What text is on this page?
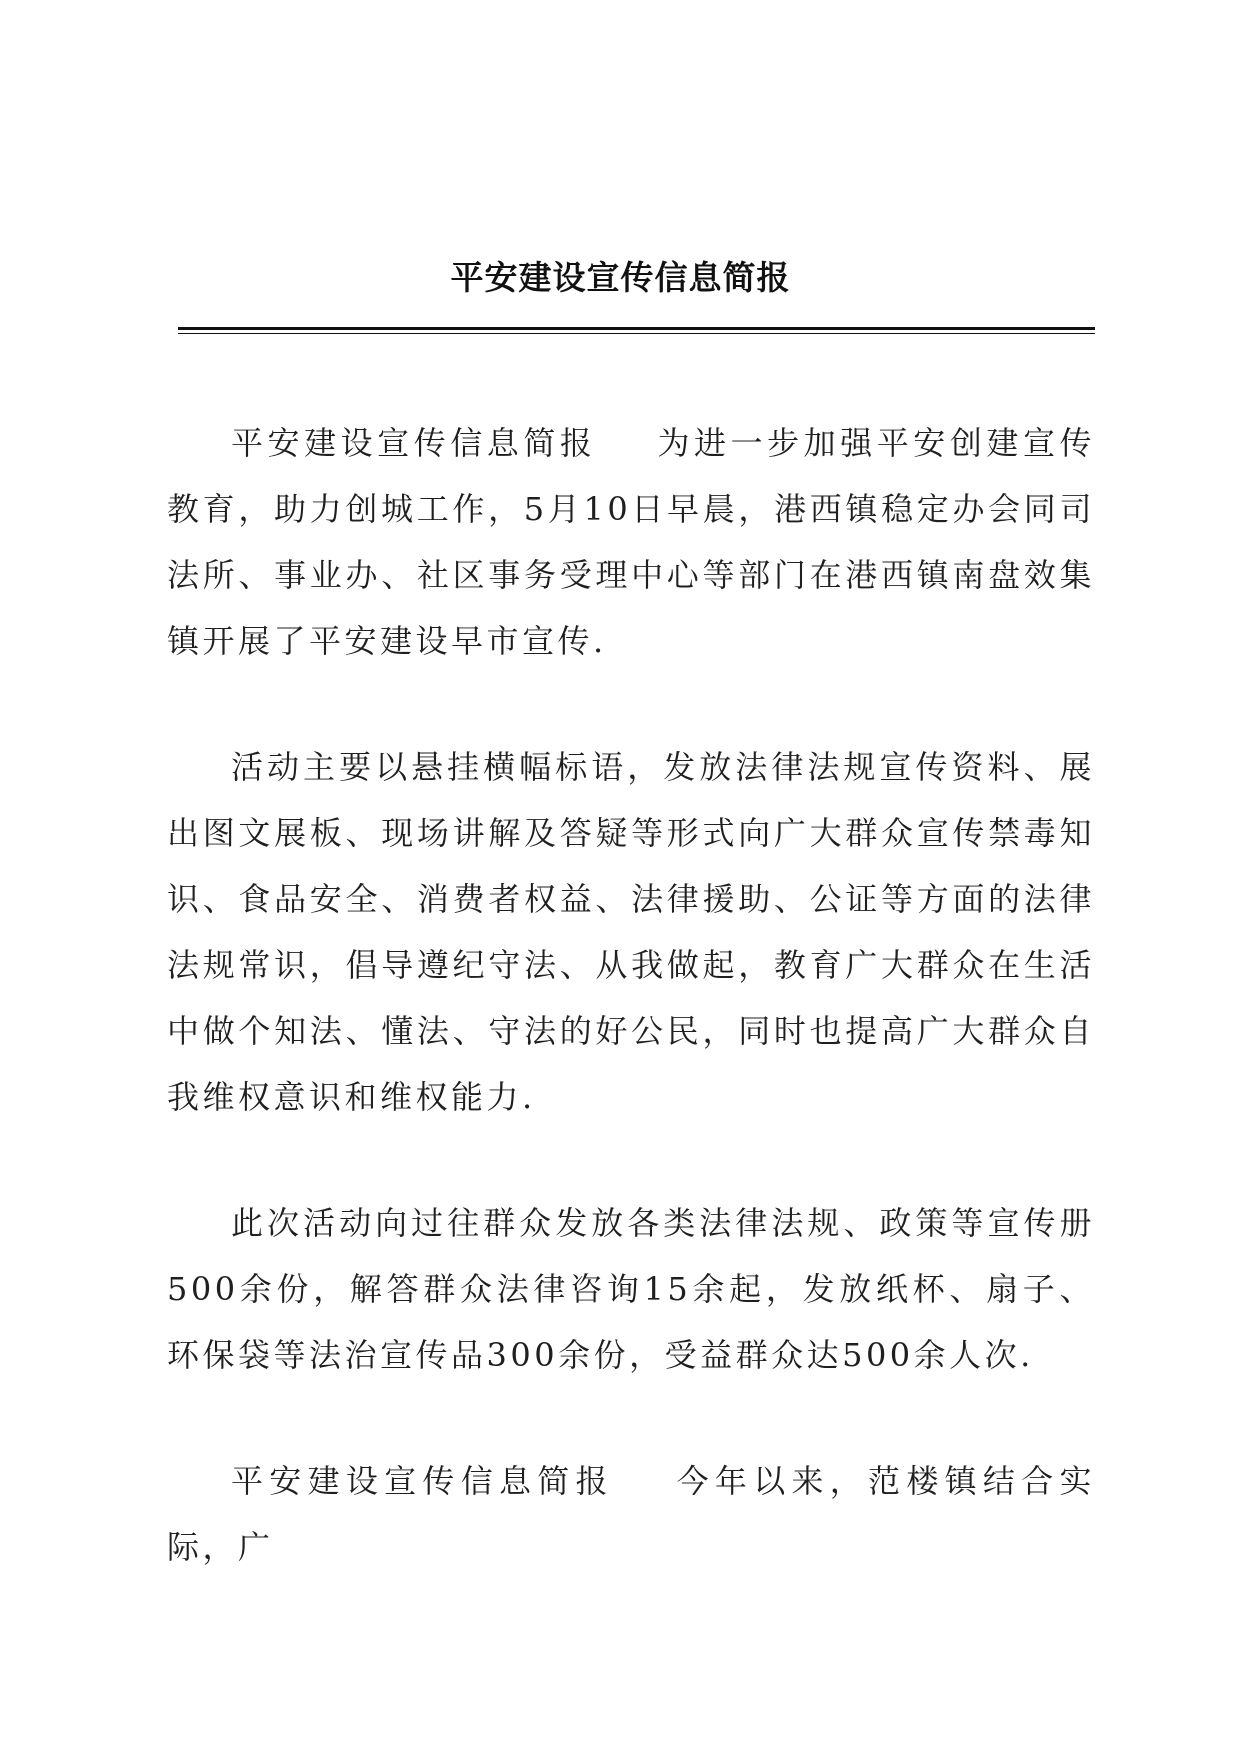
平安建设宣传信息简报

平安建设宣传信息简报 为进一步加强平安创建宣传教育，助力创城工作，5月10日早晨，港西镇稳定办会同司法所、事业办、社区事务受理中心等部门在港西镇南盘效集镇开展了平安建设早市宣传.

活动主要以悬挂横幅标语，发放法律法规宣传资料、展出图文展板、现场讲解及答疑等形式向广大群众宣传禁毒知识、食品安全、消费者权益、法律援助、公证等方面的法律法规常识，倡导遵纪守法、从我做起，教育广大群众在生活中做个知法、懂法、守法的好公民，同时也提高广大群众自我维权意识和维权能力.

此次活动向过往群众发放各类法律法规、政策等宣传册500余份，解答群众法律咨询15余起，发放纸杯、扇子、环保袋等法治宣传品300余份，受益群众达500余人次.

平安建设宣传信息简报 今年以来，范楼镇结合实际，广
